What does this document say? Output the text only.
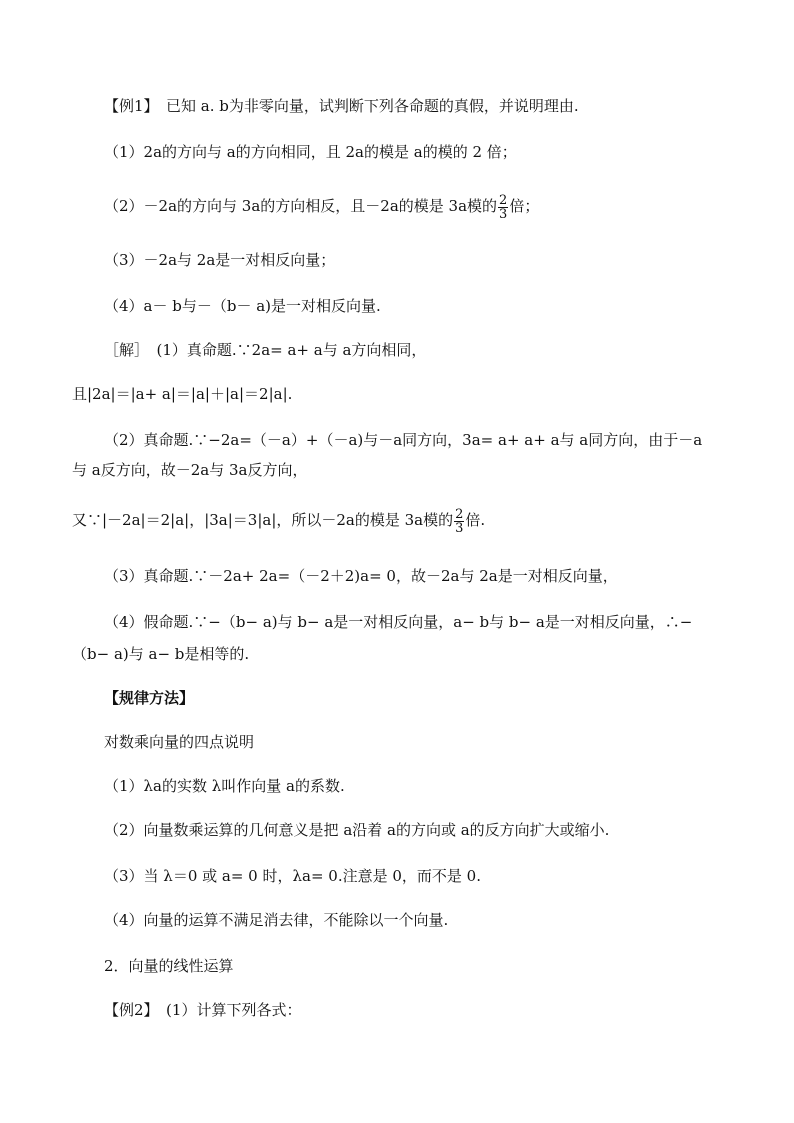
【例1】　已知 a. b为非零向量，试判断下列各命题的真假，并说明理由.
（1）2a的方向与 a的方向相同，且 2a的模是 a的模的 2 倍；
（2）－2a的方向与 3a的方向相反，且－2a的模是 3a模的 $\frac{2}{3}$ 倍；
（3）－2a与 2a是一对相反向量；
（4）a－ b与－（b－ a)是一对相反向量.
［解］　(1）真命题.∵2a= a+ a与 a方向相同，
且|2a|＝|a+ a|＝|a|＋|a|＝2|a|.
（2）真命题.∵−2a=（－a）+（－a)与－a同方向，3a= a+ a+ a与 a同方向，由于－a
与 a反方向，故－2a与 3a反方向，
又∵|－2a|＝2|a|，|3a|＝3|a|，所以－2a的模是 3a模的 $\frac{2}{3}$ 倍.
（3）真命题.∵－2a+ 2a=（－2＋2)a= 0，故－2a与 2a是一对相反向量，
（4）假命题.∵−（b− a)与 b− a是一对相反向量，a− b与 b− a是一对相反向量，∴−
（b− a)与 a− b是相等的.
【规律方法】
对数乘向量的四点说明
（1）λa的实数 λ叫作向量 a的系数.
（2）向量数乘运算的几何意义是把 a沿着 a的方向或 a的反方向扩大或缩小.
（3）当 λ＝0 或 a= 0 时，λa= 0.注意是 0，而不是 0.
（4）向量的运算不满足消去律，不能除以一个向量.
2．向量的线性运算
【例2】　(1）计算下列各式：
